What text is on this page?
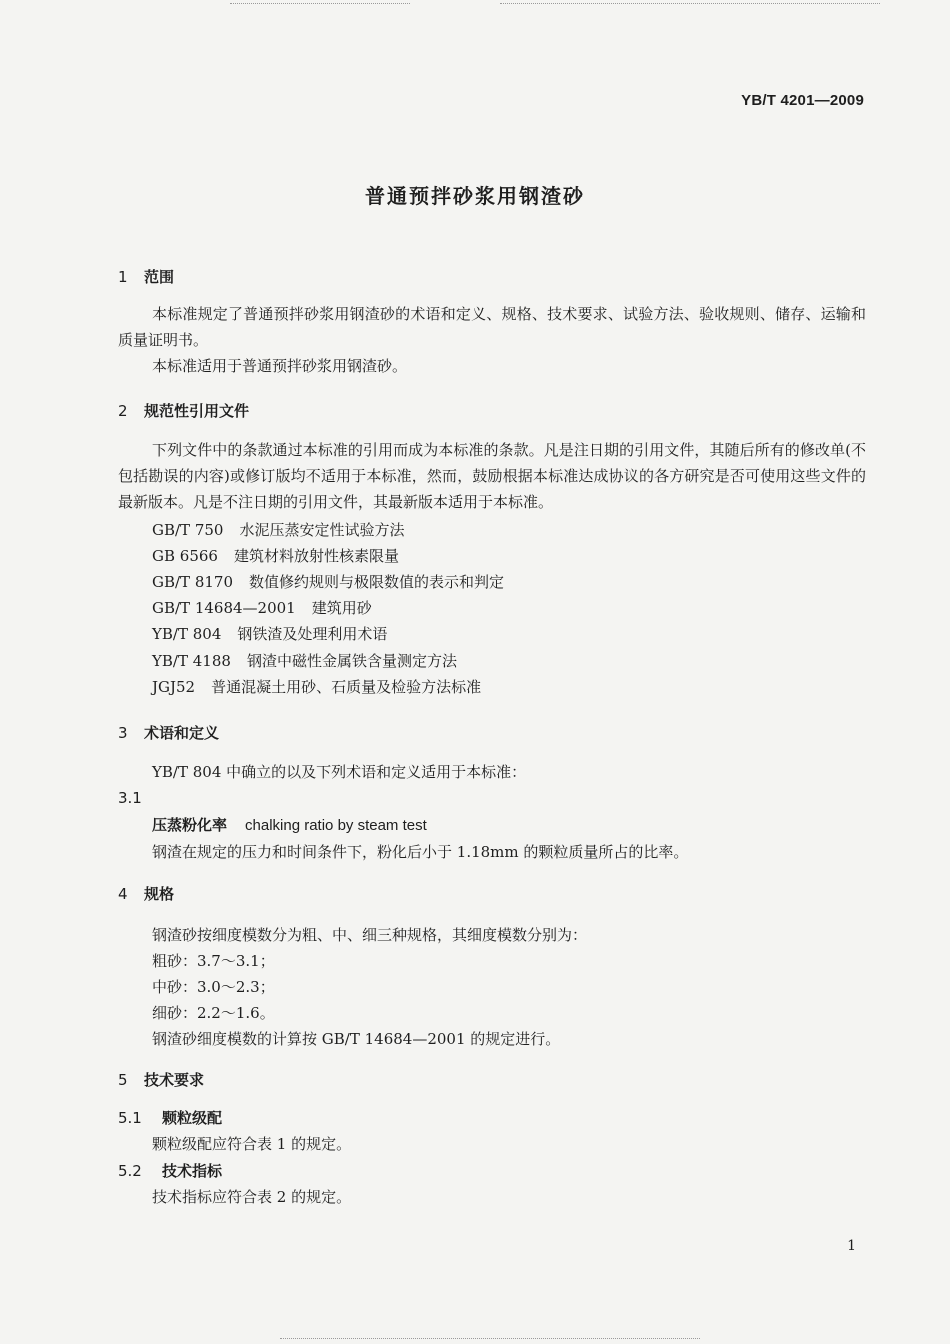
YB/T 4201—2009
普通预拌砂浆用钢渣砂
1 范围

本标准规定了普通预拌砂浆用钢渣砂的术语和定义、规格、技术要求、试验方法、验收规则、储存、运输和质量证明书。

本标准适用于普通预拌砂浆用钢渣砂。

2 规范性引用文件

下列文件中的条款通过本标准的引用而成为本标准的条款。凡是注日期的引用文件，其随后所有的修改单(不包括勘误的内容)或修订版均不适用于本标准，然而，鼓励根据本标准达成协议的各方研究是否可使用这些文件的最新版本。凡是不注日期的引用文件，其最新版本适用于本标准。

GB/T 750 水泥压蒸安定性试验方法
GB 6566 建筑材料放射性核素限量
GB/T 8170 数值修约规则与极限数值的表示和判定
GB/T 14684—2001 建筑用砂
YB/T 804 钢铁渣及处理利用术语
YB/T 4188 钢渣中磁性金属铁含量测定方法
JGJ52 普通混凝土用砂、石质量及检验方法标准
3 术语和定义
YB/T 804 中确立的以及下列术语和定义适用于本标准：
3.1
压蒸粉化率 chalking ratio by steam test
钢渣在规定的压力和时间条件下，粉化后小于 1.18mm 的颗粒质量所占的比率。
4 规格
钢渣砂按细度模数分为粗、中、细三种规格，其细度模数分别为：
粗砂：3.7～3.1；
中砂：3.0～2.3；
细砂：2.2～1.6。
钢渣砂细度模数的计算按 GB/T 14684—2001 的规定进行。
5 技术要求
5.1 颗粒级配
颗粒级配应符合表 1 的规定。
5.2 技术指标
技术指标应符合表 2 的规定。
1
